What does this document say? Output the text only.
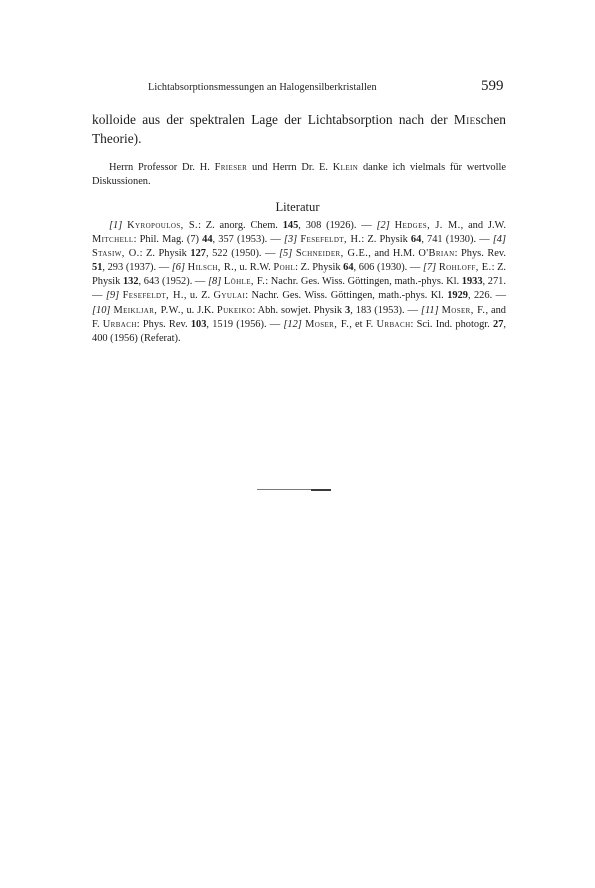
Lichtabsorptionsmessungen an Halogensilberkristallen	599
kolloide aus der spektralen Lage der Lichtabsorption nach der Mieschen Theorie).
Herrn Professor Dr. H. Frieser und Herrn Dr. E. Klein danke ich vielmals für wertvolle Diskussionen.
Literatur
[1] Kyropoulos, S.: Z. anorg. Chem. 145, 308 (1926). — [2] Hedges, J. M., and J.W. Mitchell: Phil. Mag. (7) 44, 357 (1953). — [3] Fesefeldt, H.: Z. Physik 64, 741 (1930). — [4] Stasiw, O.: Z. Physik 127, 522 (1950). — [5] Schneider, G.E., and H.M. O'Brian: Phys. Rev. 51, 293 (1937). — [6] Hilsch, R., u. R.W. Pohl: Z. Physik 64, 606 (1930). — [7] Rohloff, E.: Z. Physik 132, 643 (1952). — [8] Löhle, F.: Nachr. Ges. Wiss. Göttingen, math.-phys. Kl. 1933, 271. — [9] Fesefeldt, H., u. Z. Gyulai: Nachr. Ges. Wiss. Göttingen, math.-phys. Kl. 1929, 226. — [10] Meikljar, P.W., u. J.K. Pukeiko: Abh. sowjet. Physik 3, 183 (1953). — [11] Moser, F., and F. Urbach: Phys. Rev. 103, 1519 (1956). — [12] Moser, F., et F. Urbach: Sci. Ind. photogr. 27, 400 (1956) (Referat).
